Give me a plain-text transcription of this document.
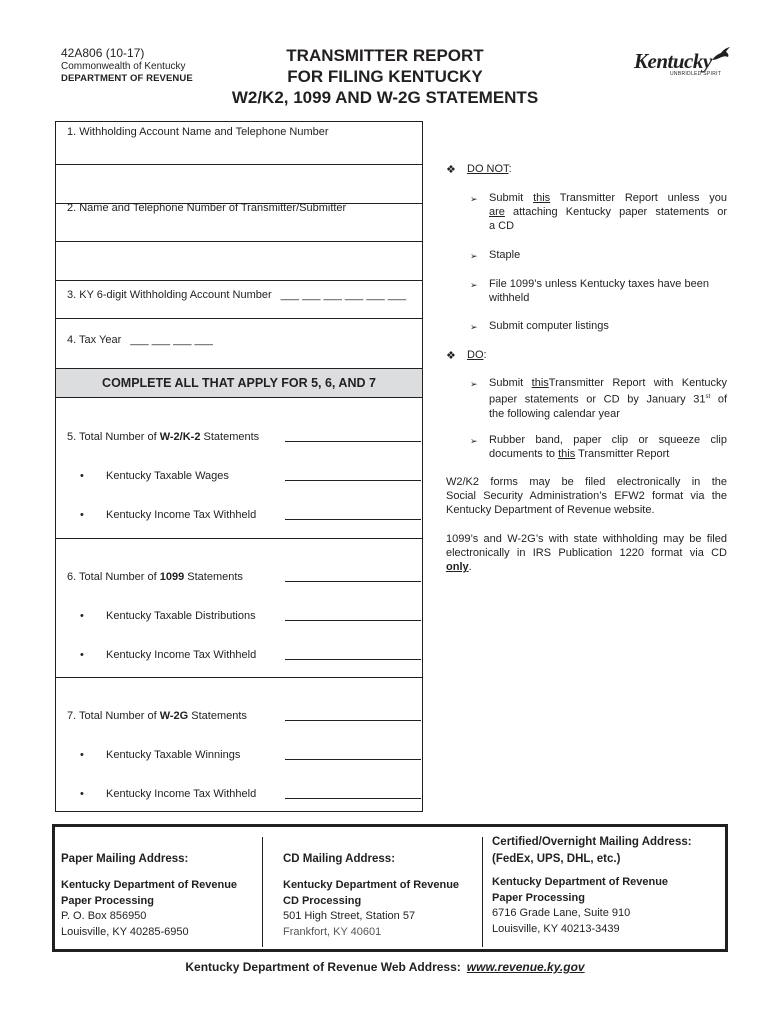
42A806 (10-17)
Commonwealth of Kentucky
DEPARTMENT OF REVENUE
TRANSMITTER REPORT
FOR FILING KENTUCKY
W2/K2, 1099 AND W-2G STATEMENTS
Kentucky
UNBRIDLED SPIRIT
1. Withholding Account Name and Telephone Number
2. Name and Telephone Number of Transmitter/Submitter
3. KY 6-digit Withholding Account Number ___ ___ ___ ___ ___ ___
4. Tax Year ___ ___ ___ ___
COMPLETE ALL THAT APPLY FOR 5, 6, AND 7
5. Total Number of W-2/K-2 Statements
• Kentucky Taxable Wages
• Kentucky Income Tax Withheld
6. Total Number of 1099 Statements
• Kentucky Taxable Distributions
• Kentucky Income Tax Withheld
7. Total Number of W-2G Statements
• Kentucky Taxable Winnings
• Kentucky Income Tax Withheld
❖ DO NOT:
➢ Submit this Transmitter Report unless you
are attaching Kentucky paper statements or
a CD
➢ Staple
➢ File 1099’s unless Kentucky taxes have been
withheld
➢ Submit computer listings
❖ DO:
➢ Submit thisTransmitter Report with Kentucky
paper statements or CD by January 31st of
the following calendar year
➢ Rubber band, paper clip or squeeze clip
documents to this Transmitter Report
W2/K2 forms may be filed electronically in the
Social Security Administration’s EFW2 format via the
Kentucky Department of Revenue website.
1099’s and W-2G’s with state withholding may be filed
electronically in IRS Publication 1220 format via CD
only.
Paper Mailing Address:
Kentucky Department of Revenue
Paper Processing
P. O. Box 856950
Louisville, KY 40285-6950
CD Mailing Address:
Kentucky Department of Revenue
CD Processing
501 High Street, Station 57
Frankfort, KY 40601
Certified/Overnight Mailing Address:
(FedEx, UPS, DHL, etc.)
Kentucky Department of Revenue
Paper Processing
6716 Grade Lane, Suite 910
Louisville, KY 40213-3439
Kentucky Department of Revenue Web Address: www.revenue.ky.gov
